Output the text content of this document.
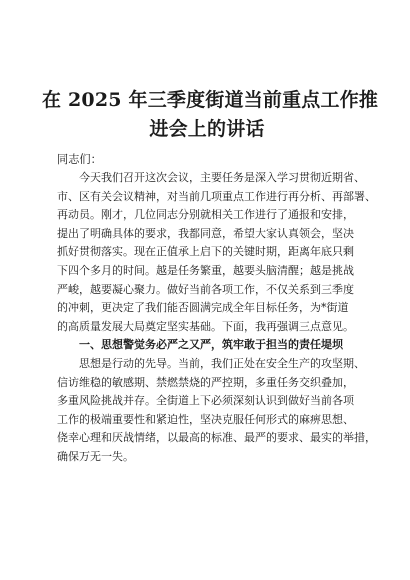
在 2025 年三季度街道当前重点工作推
进会上的讲话
同志们：
今天我们召开这次会议，主要任务是深入学习贯彻近期省、
市、区有关会议精神，对当前几项重点工作进行再分析、再部署、
再动员。刚才，几位同志分别就相关工作进行了通报和安排，
提出了明确具体的要求，我都同意，希望大家认真领会，坚决
抓好贯彻落实。现在正值承上启下的关键时期，距离年底只剩
下四个多月的时间。越是任务繁重，越要头脑清醒；越是挑战
严峻，越要凝心聚力。做好当前各项工作，不仅关系到三季度
的冲刺，更决定了我们能否圆满完成全年目标任务，为*街道
的高质量发展大局奠定坚实基础。下面，我再强调三点意见。
一、思想警觉务必严之又严，筑牢敢于担当的责任堤坝
思想是行动的先导。当前，我们正处在安全生产的攻坚期、
信访维稳的敏感期、禁燃禁烧的严控期，多重任务交织叠加，
多重风险挑战并存。全街道上下必须深刻认识到做好当前各项
工作的极端重要性和紧迫性，坚决克服任何形式的麻痹思想、
侥幸心理和厌战情绪，以最高的标准、最严的要求、最实的举措，
确保万无一失。
